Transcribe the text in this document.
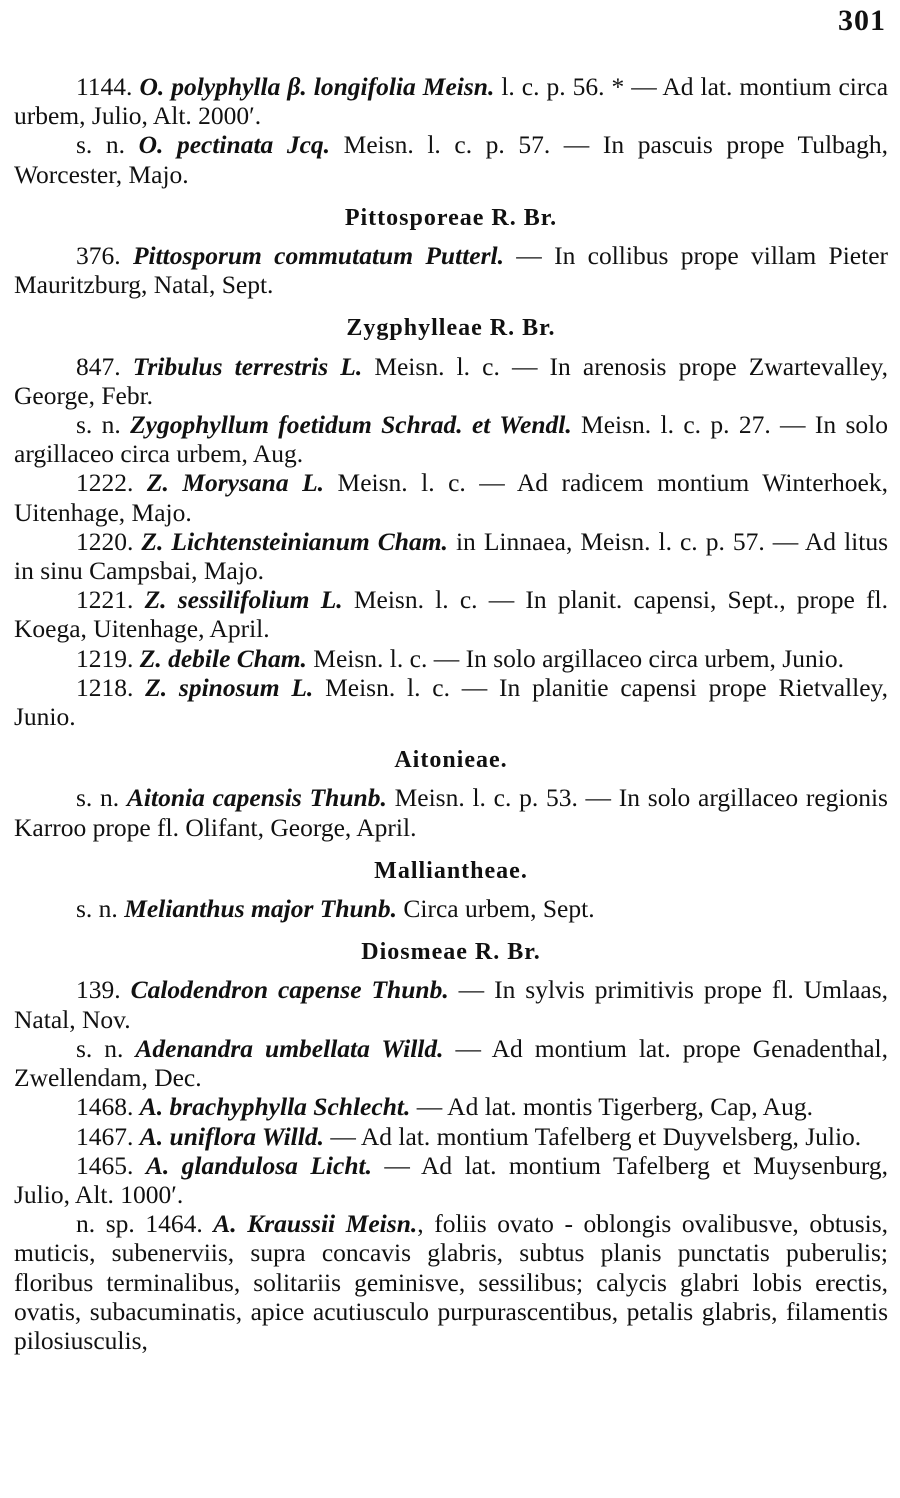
301

1144. O. polyphylla β. longifolia Meisn. l. c. p. 56. * — Ad lat. montium circa urbem, Julio, Alt. 2000′.

s. n. O. pectinata Jcq. Meisn. l. c. p. 57. — In pascuis prope Tulbagh, Worcester, Majo.

Pittosporeae R. Br.

376. Pittosporum commutatum Putterl. — In collibus prope villam Pieter Mauritzburg, Natal, Sept.

Zygphylleae R. Br.

847. Tribulus terrestris L. Meisn. l. c. — In arenosis prope Zwartevalley, George, Febr.

s. n. Zygophyllum foetidum Schrad. et Wendl. Meisn. l. c. p. 27. — In solo argillaceo circa urbem, Aug.

1222. Z. Morysana L. Meisn. l. c. — Ad radicem montium Winterhoek, Uitenhage, Majo.

1220. Z. Lichtensteinianum Cham. in Linnaea, Meisn. l. c. p. 57. — Ad litus in sinu Campsbai, Majo.

1221. Z. sessilifolium L. Meisn. l. c. — In planit. capensi, Sept., prope fl. Koega, Uitenhage, April.

1219. Z. debile Cham. Meisn. l. c. — In solo argillaceo circa urbem, Junio.

1218. Z. spinosum L. Meisn. l. c. — In planitie capensi prope Rietvalley, Junio.

Aitonieae.

s. n. Aitonia capensis Thunb. Meisn. l. c. p. 53. — In solo argillaceo regionis Karroo prope fl. Olifant, George, April.

Malliantheae.

s. n. Melianthus major Thunb. Circa urbem, Sept.

Diosmeae R. Br.

139. Calodendron capense Thunb. — In sylvis primitivis prope fl. Umlaas, Natal, Nov.

s. n. Adenandra umbellata Willd. — Ad montium lat. prope Genadenthal, Zwellendam, Dec.

1468. A. brachyphylla Schlecht. — Ad lat. montis Tigerberg, Cap, Aug.

1467. A. uniflora Willd. — Ad lat. montium Tafelberg et Duyvelsberg, Julio.

1465. A. glandulosa Licht. — Ad lat. montium Tafelberg et Muysenburg, Julio, Alt. 1000′.

n. sp. 1464. A. Kraussii Meisn., foliis ovato - oblongis ovalibusve, obtusis, muticis, subenerviis, supra concavis glabris, subtus planis punctatis puberulis; floribus terminalibus, solitariis geminisve, sessilibus; calycis glabri lobis erectis, ovatis, subacuminatis, apice acutiusculo purpurascentibus, petalis glabris, filamentis pilosiusculis,
